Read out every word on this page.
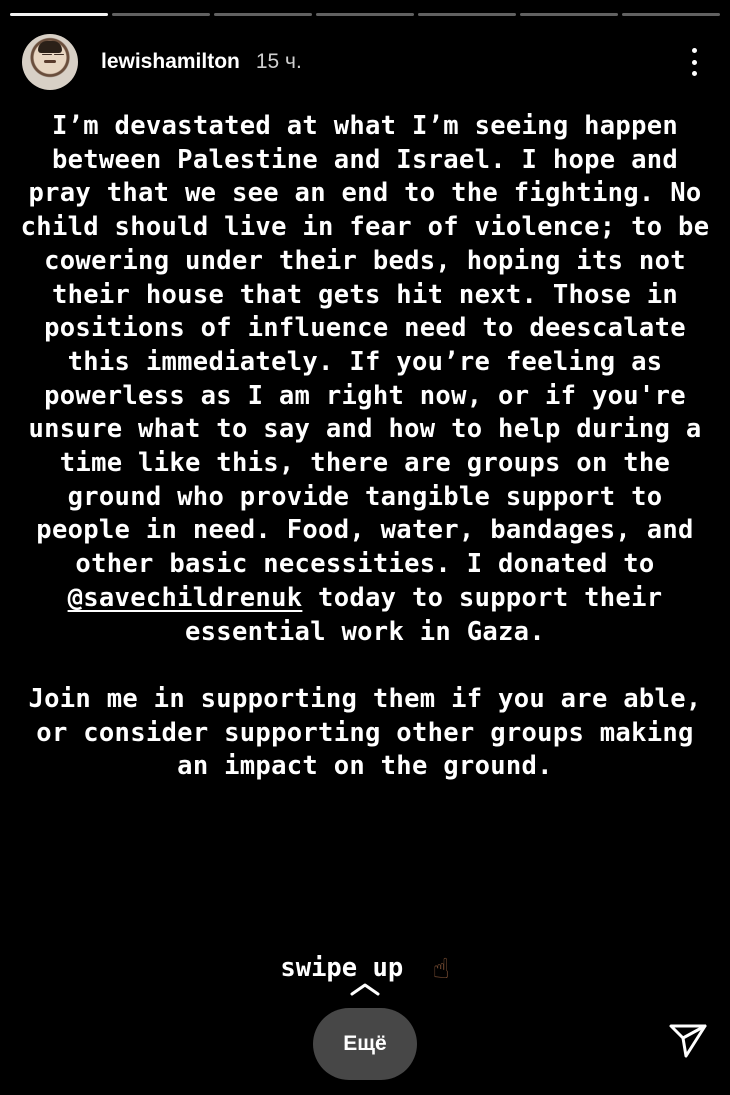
lewishamilton 15 ч.

I’m devastated at what I’m seeing happen between Palestine and Israel. I hope and pray that we see an end to the fighting. No child should live in fear of violence; to be cowering under their beds, hoping its not their house that gets hit next. Those in positions of influence need to deescalate this immediately. If you’re feeling as powerless as I am right now, or if you're unsure what to say and how to help during a time like this, there are groups on the ground who provide tangible support to people in need. Food, water, bandages, and other basic necessities. I donated to @savechildrenuk today to support their essential work in Gaza.

Join me in supporting them if you are able, or consider supporting other groups making an impact on the ground.

swipe up ☝
Ещё
